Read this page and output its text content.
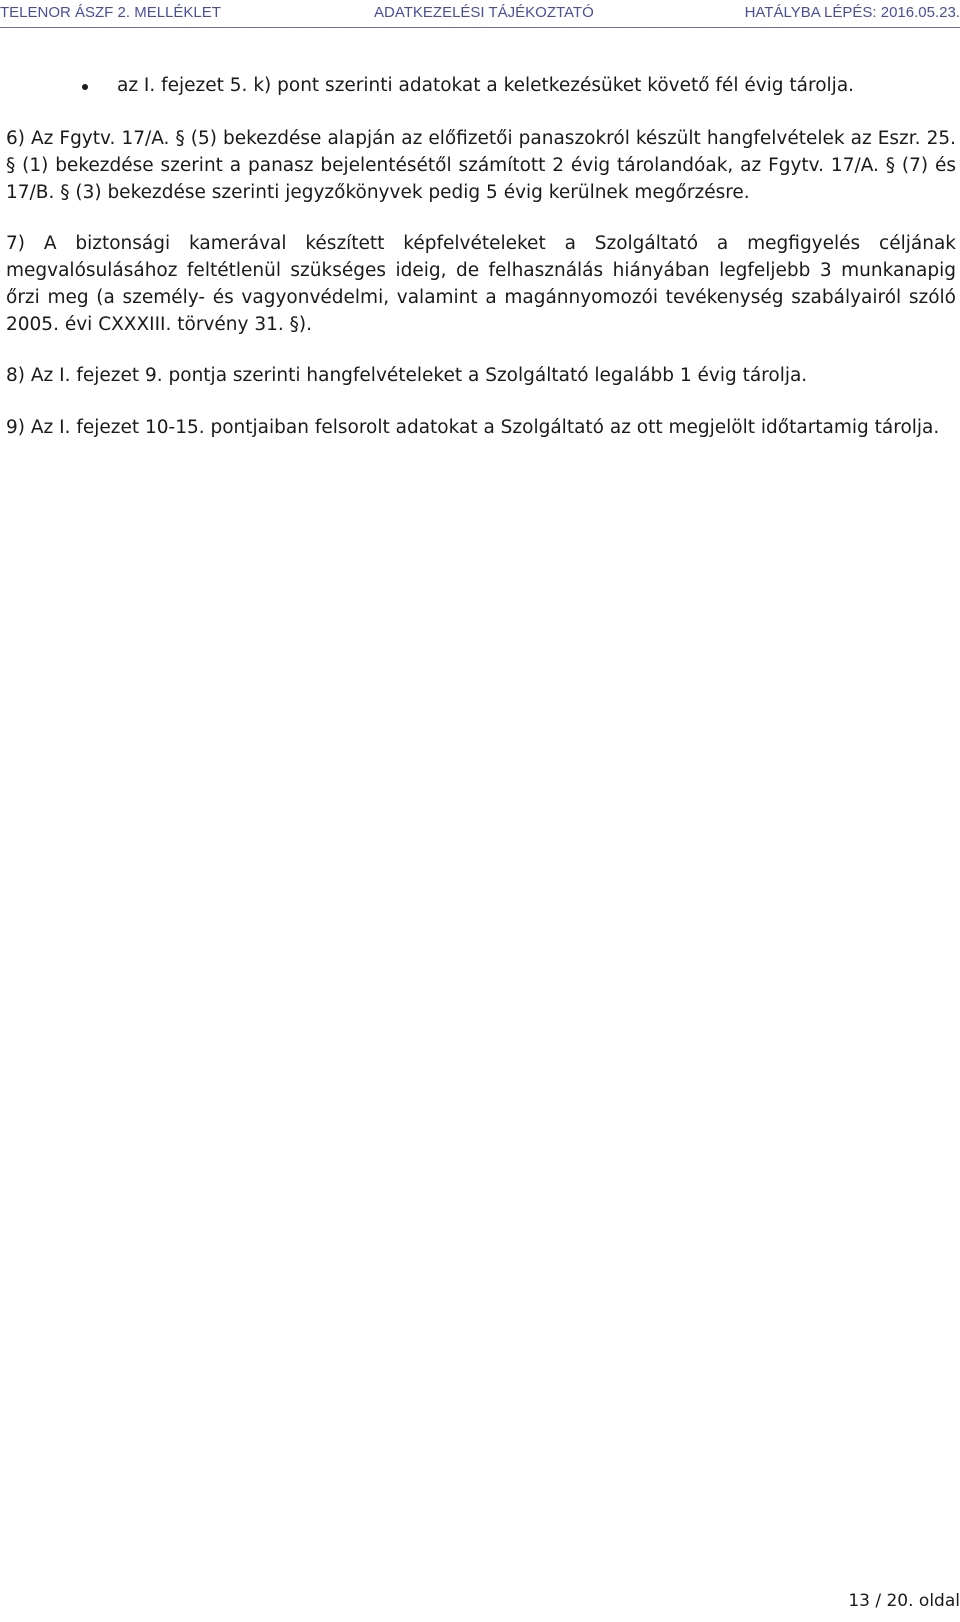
TELENOR ÁSZF 2. MELLÉKLET	ADATKEZELÉSI TÁJÉKOZTATÓ	HATÁLYBA LÉPÉS: 2016.05.23.
az I. fejezet 5. k) pont szerinti adatokat a keletkezésüket követő fél évig tárolja.

6) Az Fgytv. 17/A. § (5) bekezdése alapján az előfizetői panaszokról készült hangfelvételek az Eszr. 25. § (1) bekezdése szerint a panasz bejelentésétől számított 2 évig tárolandóak, az Fgytv. 17/A. § (7) és 17/B. § (3) bekezdése szerinti jegyzőkönyvek pedig 5 évig kerülnek megőrzésre.

7) A biztonsági kamerával készített képfelvételeket a Szolgáltató a megfigyelés céljának megvalósulásához feltétlenül szükséges ideig, de felhasználás hiányában legfeljebb 3 munkanapig őrzi meg (a személy- és vagyonvédelmi, valamint a magánnyomozói tevékenység szabályairól szóló 2005. évi CXXXIII. törvény 31. §).

8) Az I. fejezet 9. pontja szerinti hangfelvételeket a Szolgáltató legalább 1 évig tárolja.

9) Az I. fejezet 10-15. pontjaiban felsorolt adatokat a Szolgáltató az ott megjelölt időtartamig tárolja.

13 / 20. oldal
